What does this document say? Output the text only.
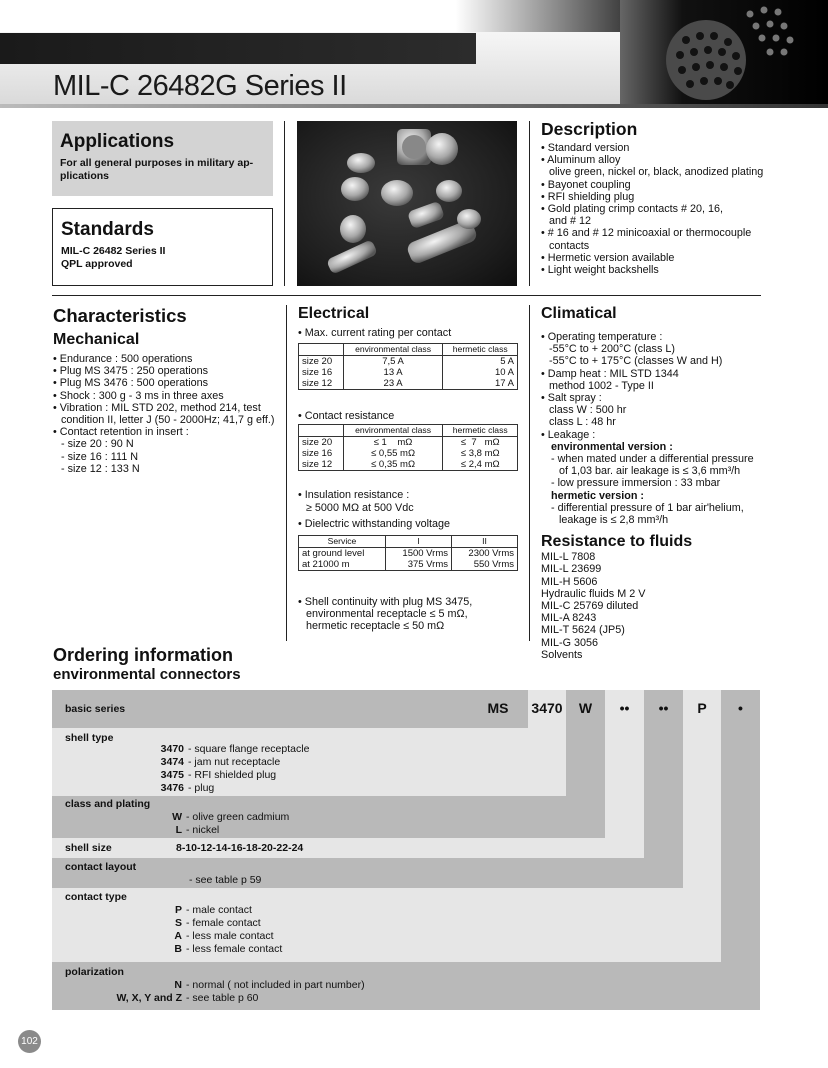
MIL-C 26482G Series II
Applications
For all general purposes in military ap-
plications
Standards
MIL-C 26482 Series II
QPL approved
Description
• Standard version
• Aluminum alloy
olive green, nickel or, black, anodized plating
• Bayonet coupling
• RFI shielding plug
• Gold plating crimp contacts # 20, 16,
and # 12
• # 16 and # 12 minicoaxial or thermocouple
contacts
• Hermetic version available
• Light weight backshells
Characteristics
Mechanical
• Endurance : 500 operations
• Plug MS 3475 : 250 operations
• Plug MS 3476 : 500 operations
• Shock : 300 g - 3 ms in three axes
• Vibration : MIL STD 202, method 214, test
condition II, letter J (50 - 2000Hz; 41,7 g eff.)
• Contact retention in insert :
- size 20 : 90 N
- size 16 : 111 N
- size 12 : 133 N
Electrical
• Max. current rating per contact
	environmental class	hermetic class
size 20	7,5 A	5 A
size 16	13 A	10 A
size 12	23 A	17 A
• Contact resistance
	environmental class	hermetic class
size 20	≤ 1    mΩ	≤  7   mΩ
size 16	≤ 0,55 mΩ	≤ 3,8 mΩ
size 12	≤ 0,35 mΩ	≤ 2,4 mΩ
• Insulation resistance :
≥ 5000 MΩ at 500 Vdc
• Dielectric withstanding voltage
Service	I	II
at ground level	1500 Vrms	2300 Vrms
at 21000 m	375 Vrms	550 Vrms
• Shell continuity with plug MS 3475,
environmental receptacle ≤ 5 mΩ,
hermetic receptacle ≤ 50 mΩ
Climatical
• Operating temperature :
-55°C to + 200°C (class L)
-55°C to + 175°C (classes W and H)
• Damp heat : MIL STD 1344
method 1002 - Type II
• Salt spray :
class W : 500 hr
class L : 48 hr
• Leakage :
environmental version :
- when mated under a differential pressure
of 1,03 bar. air leakage is ≤ 3,6 mm³/h
- low pressure immersion : 33 mbar
hermetic version :
- differential pressure of 1 bar air'helium,
leakage is ≤ 2,8 mm³/h
Resistance to fluids
MIL-L 7808
MIL-L 23699
MIL-H 5606
Hydraulic fluids M 2 V
MIL-C 25769 diluted
MIL-A 8243
MIL-T 5624 (JP5)
MIL-G 3056
Solvents
Ordering information
environmental connectors
MS	3470	W	••	••	P	•
basic series
shell type
3470 - square flange receptacle
3474 - jam nut receptacle
3475 - RFI shielded plug
3476 - plug
class and plating
W - olive green cadmium
L - nickel
shell size	8-10-12-14-16-18-20-22-24
contact layout
- see table p 59
contact type
P - male contact
S - female contact
A - less male contact
B - less female contact
polarization
N - normal ( not included in part number)
W, X, Y and Z - see table p 60
102
